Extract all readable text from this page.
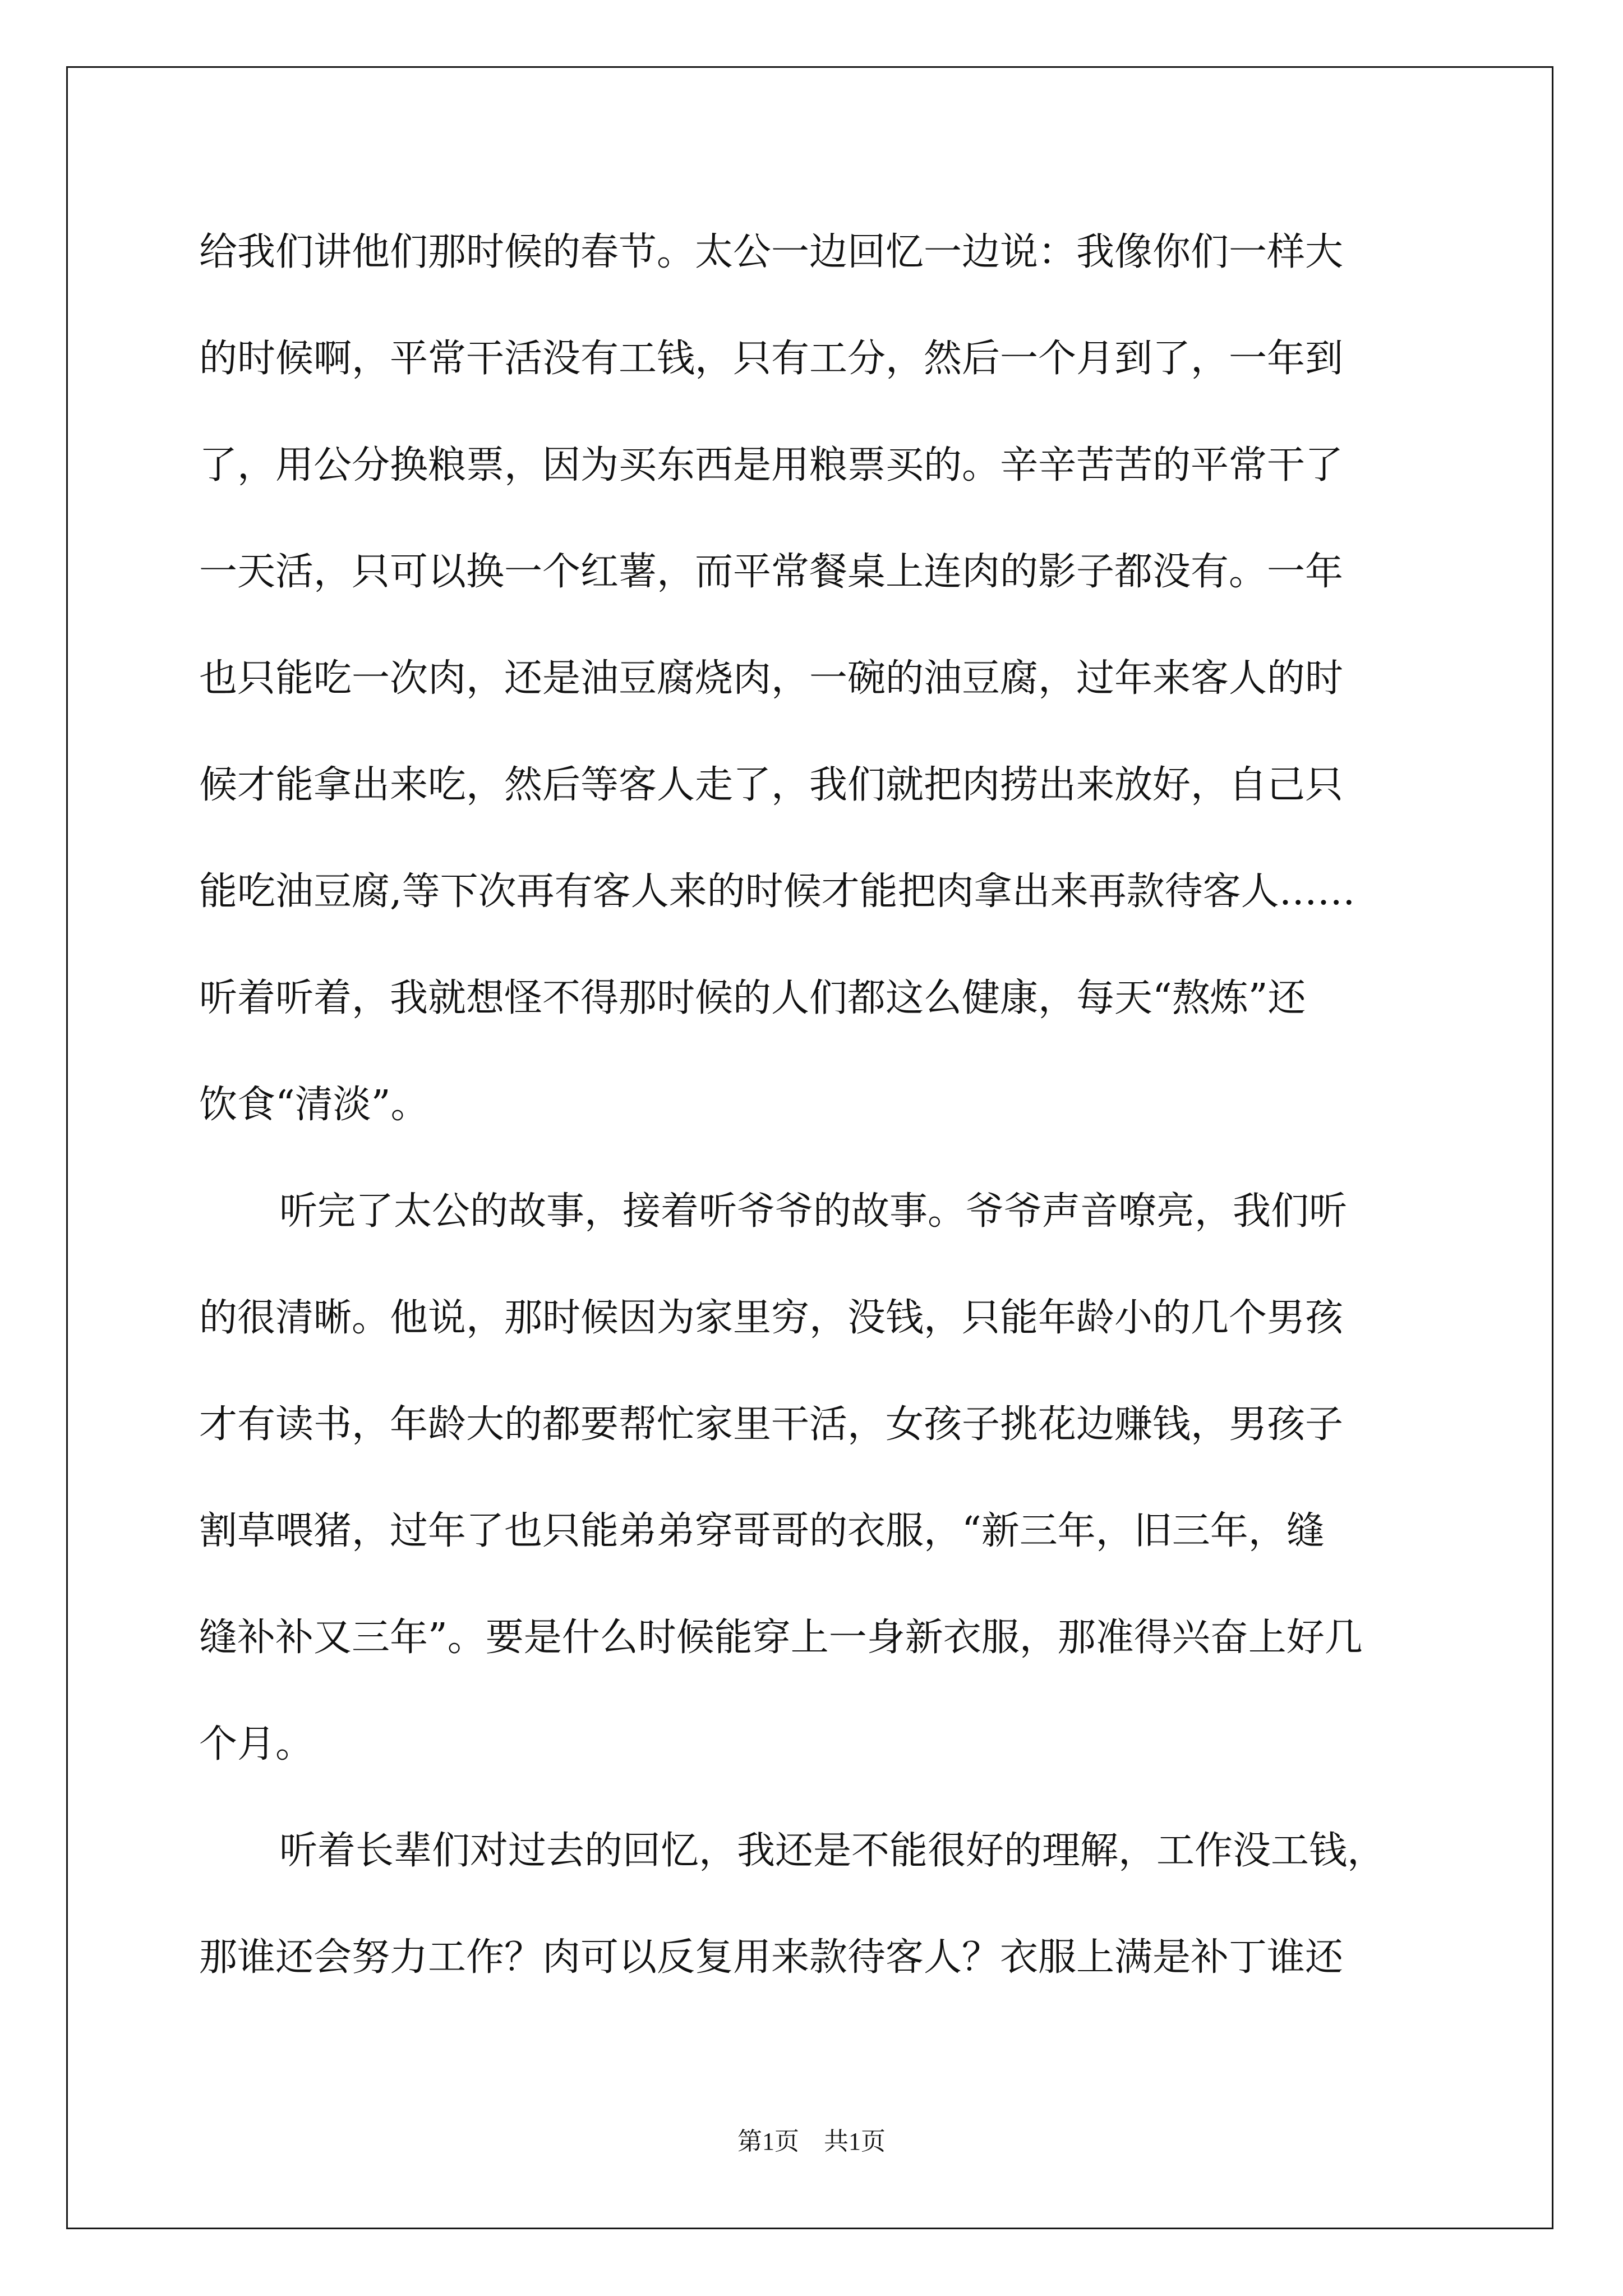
给我们讲他们那时候的春节。太公一边回忆一边说：我像你们一样大
的时候啊，平常干活没有工钱，只有工分，然后一个月到了，一年到
了，用公分换粮票，因为买东西是用粮票买的。辛辛苦苦的平常干了
一天活，只可以换一个红薯，而平常餐桌上连肉的影子都没有。一年
也只能吃一次肉，还是油豆腐烧肉，一碗的油豆腐，过年来客人的时
候才能拿出来吃，然后等客人走了，我们就把肉捞出来放好，自己只
能吃油豆腐,等下次再有客人来的时候才能把肉拿出来再款待客人……
听着听着，我就想怪不得那时候的人们都这么健康，每天“熬炼”还
饮食“清淡”。
听完了太公的故事，接着听爷爷的故事。爷爷声音嘹亮，我们听
的很清晰。他说，那时候因为家里穷，没钱，只能年龄小的几个男孩
才有读书，年龄大的都要帮忙家里干活，女孩子挑花边赚钱，男孩子
割草喂猪，过年了也只能弟弟穿哥哥的衣服，“新三年，旧三年，缝
缝补补又三年”。要是什么时候能穿上一身新衣服，那准得兴奋上好几
个月。
听着长辈们对过去的回忆，我还是不能很好的理解，工作没工钱，
那谁还会努力工作？肉可以反复用来款待客人？衣服上满是补丁谁还
第1页　共1页
